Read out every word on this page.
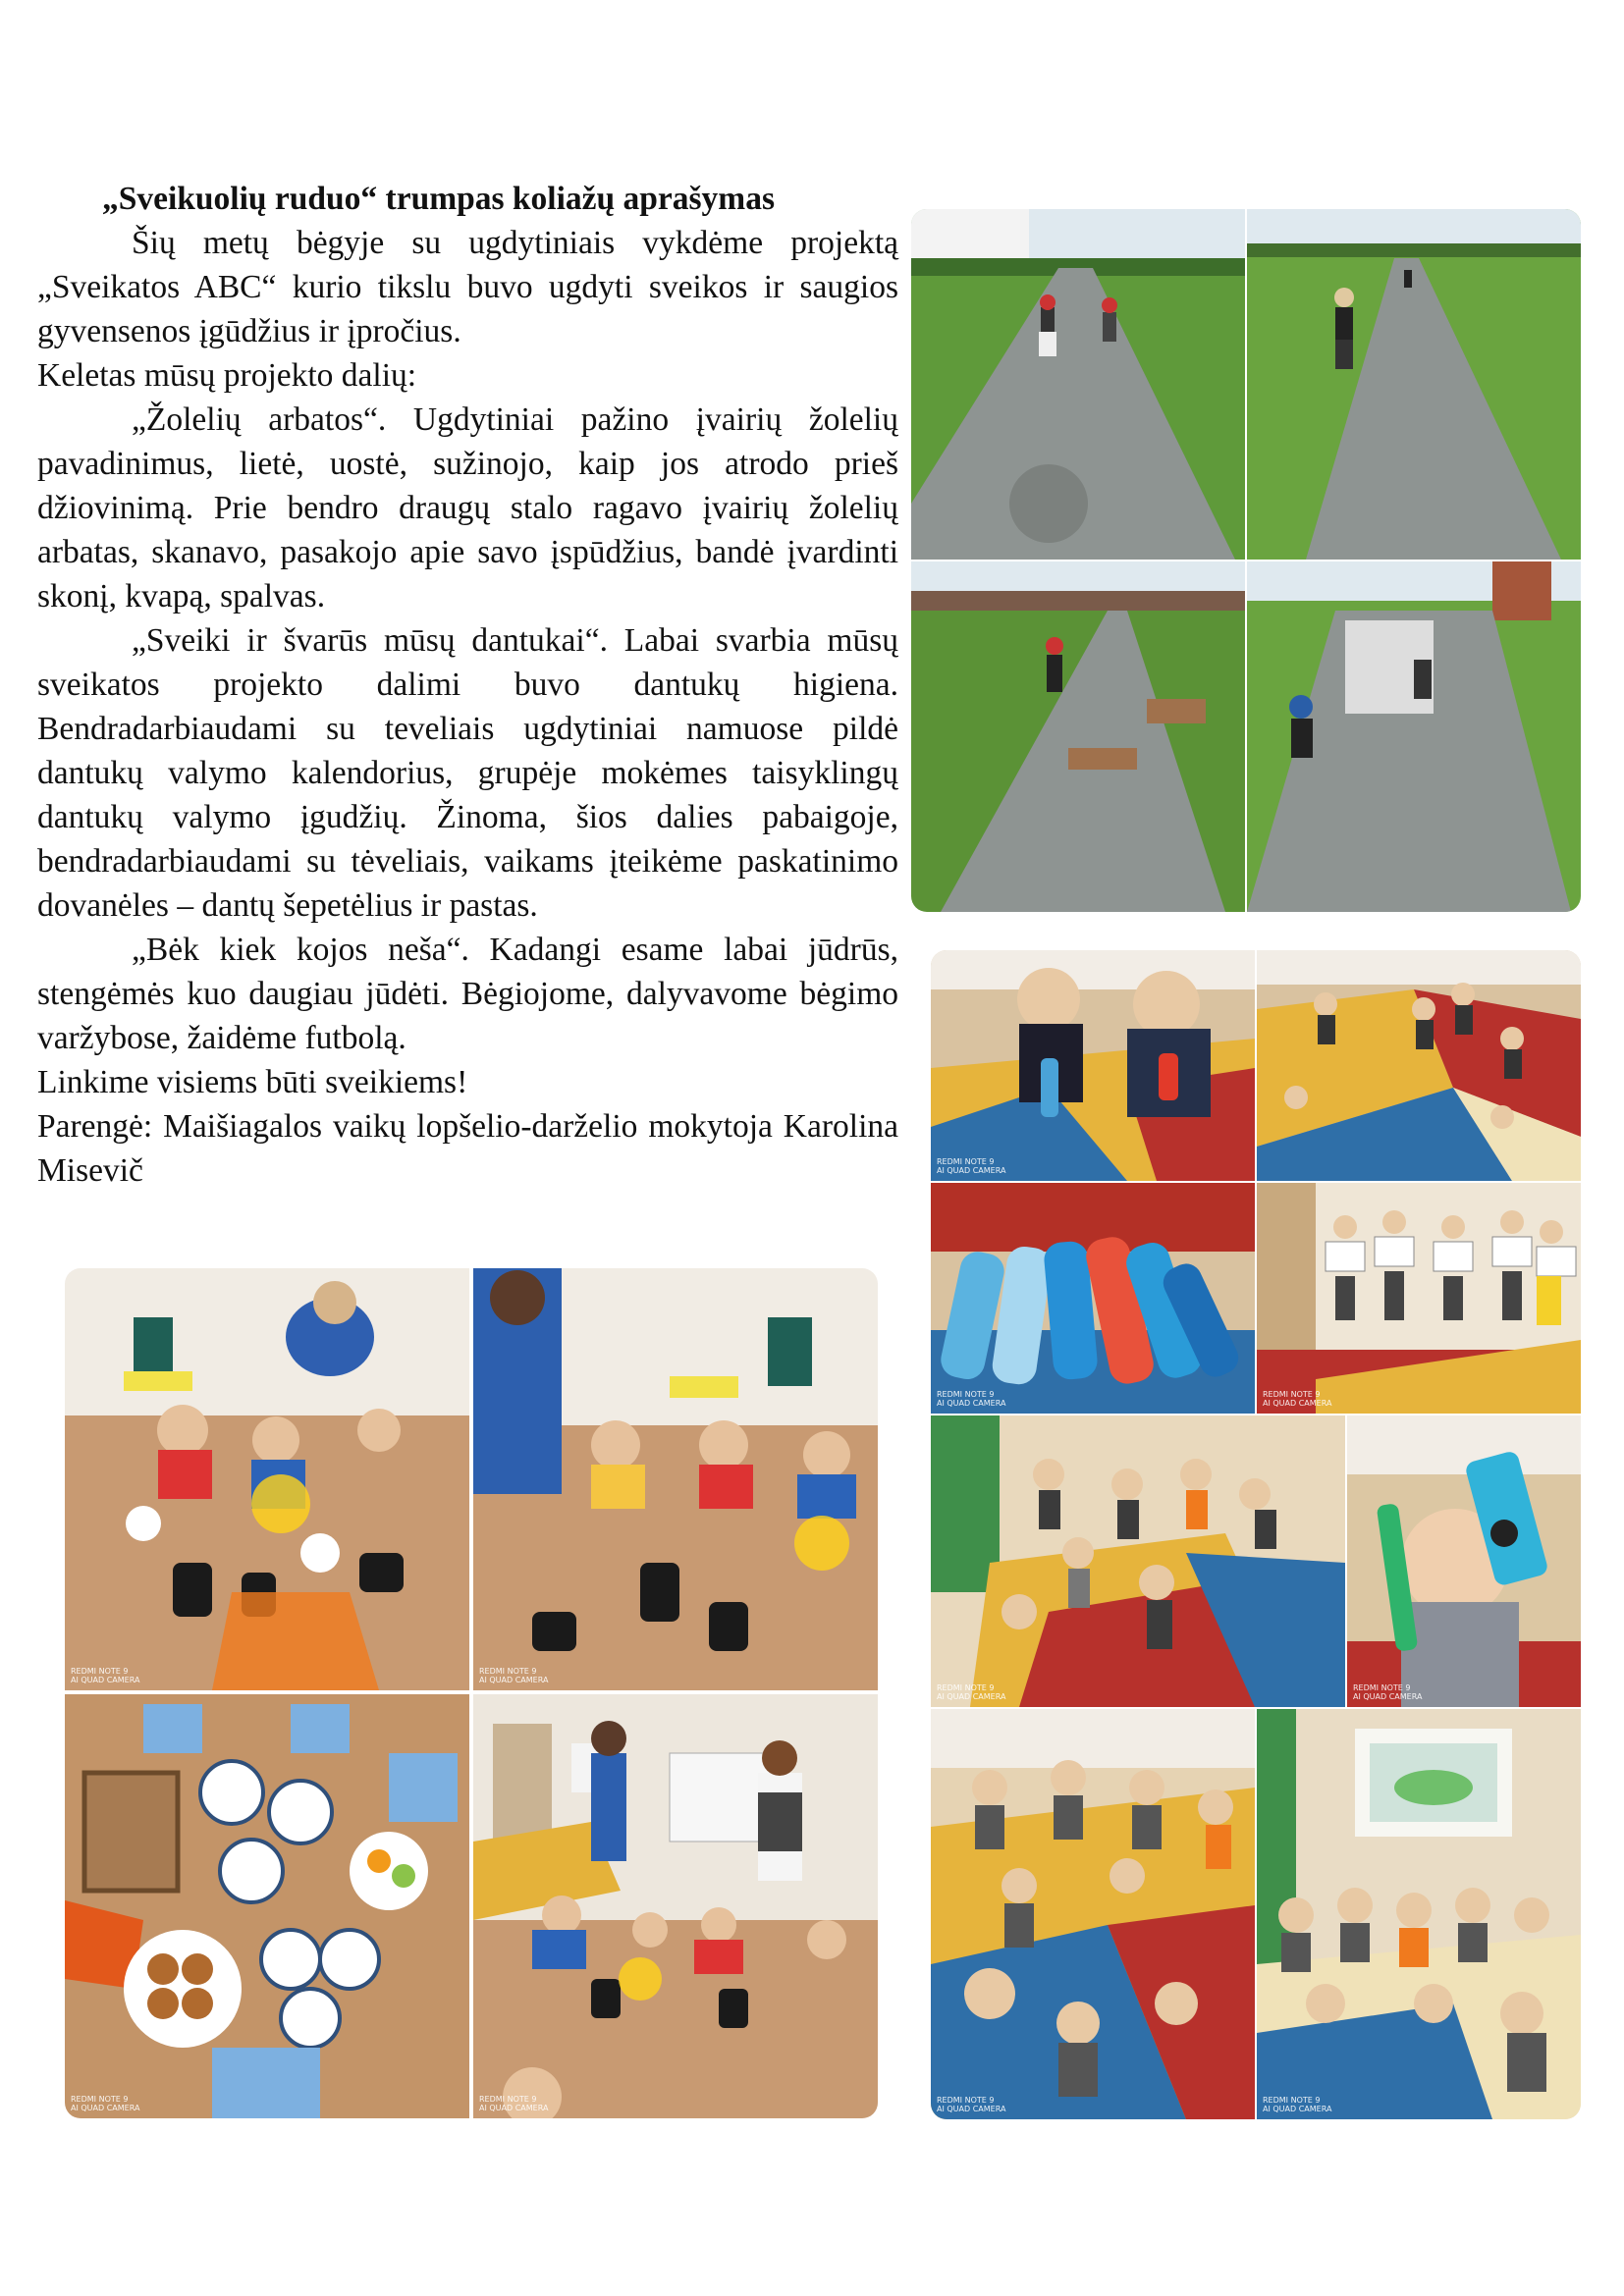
„Sveikuolių ruduo“ trumpas koliažų aprašymas

Šių metų bėgyje su ugdytiniais vykdėme projektą „Sveikatos ABC“ kurio tikslu buvo ugdyti sveikos ir saugios gyvensenos įgūdžius ir įpročius.

Keletas mūsų projekto dalių:

„Žolelių arbatos“. Ugdytiniai pažino įvairių žolelių pavadinimus, lietė, uostė, sužinojo, kaip jos atrodo prieš džiovinimą. Prie bendro draugų stalo ragavo įvairių žolelių arbatas, skanavo, pasakojo apie savo įspūdžius, bandė įvardinti skonį, kvapą, spalvas.

„Sveiki ir švarūs mūsų dantukai“. Labai svarbia mūsų sveikatos projekto dalimi buvo dantukų higiena. Bendradarbiaudami su teveliais ugdytiniai namuose pildė dantukų valymo kalendorius, grupėje mokėmes taisyklingų dantukų valymo įgudžių. Žinoma, šios dalies pabaigoje, bendradarbiaudami su tėveliais, vaikams įteikėme paskatinimo dovanėles – dantų šepetėlius ir pastas.

„Bėk kiek kojos neša“. Kadangi esame labai jūdrūs, stengėmės kuo daugiau jūdėti. Bėgiojome, dalyvavome bėgimo varžybose, žaidėme futbolą.

Linkime visiems būti sveikiems!

Parengė: Maišiagalos vaikų lopšelio-darželio mokytoja Karolina Misevič

REDMI NOTE 9
AI QUAD CAMERA
REDMI NOTE 9
AI QUAD CAMERA
REDMI NOTE 9
AI QUAD CAMERA
REDMI NOTE 9
AI QUAD CAMERA
REDMI NOTE 9
AI QUAD CAMERA
REDMI NOTE 9
AI QUAD CAMERA
REDMI NOTE 9
AI QUAD CAMERA
REDMI NOTE 9
AI QUAD CAMERA
REDMI NOTE 9
AI QUAD CAMERA
REDMI NOTE 9
AI QUAD CAMERA
REDMI NOTE 9
AI QUAD CAMERA
